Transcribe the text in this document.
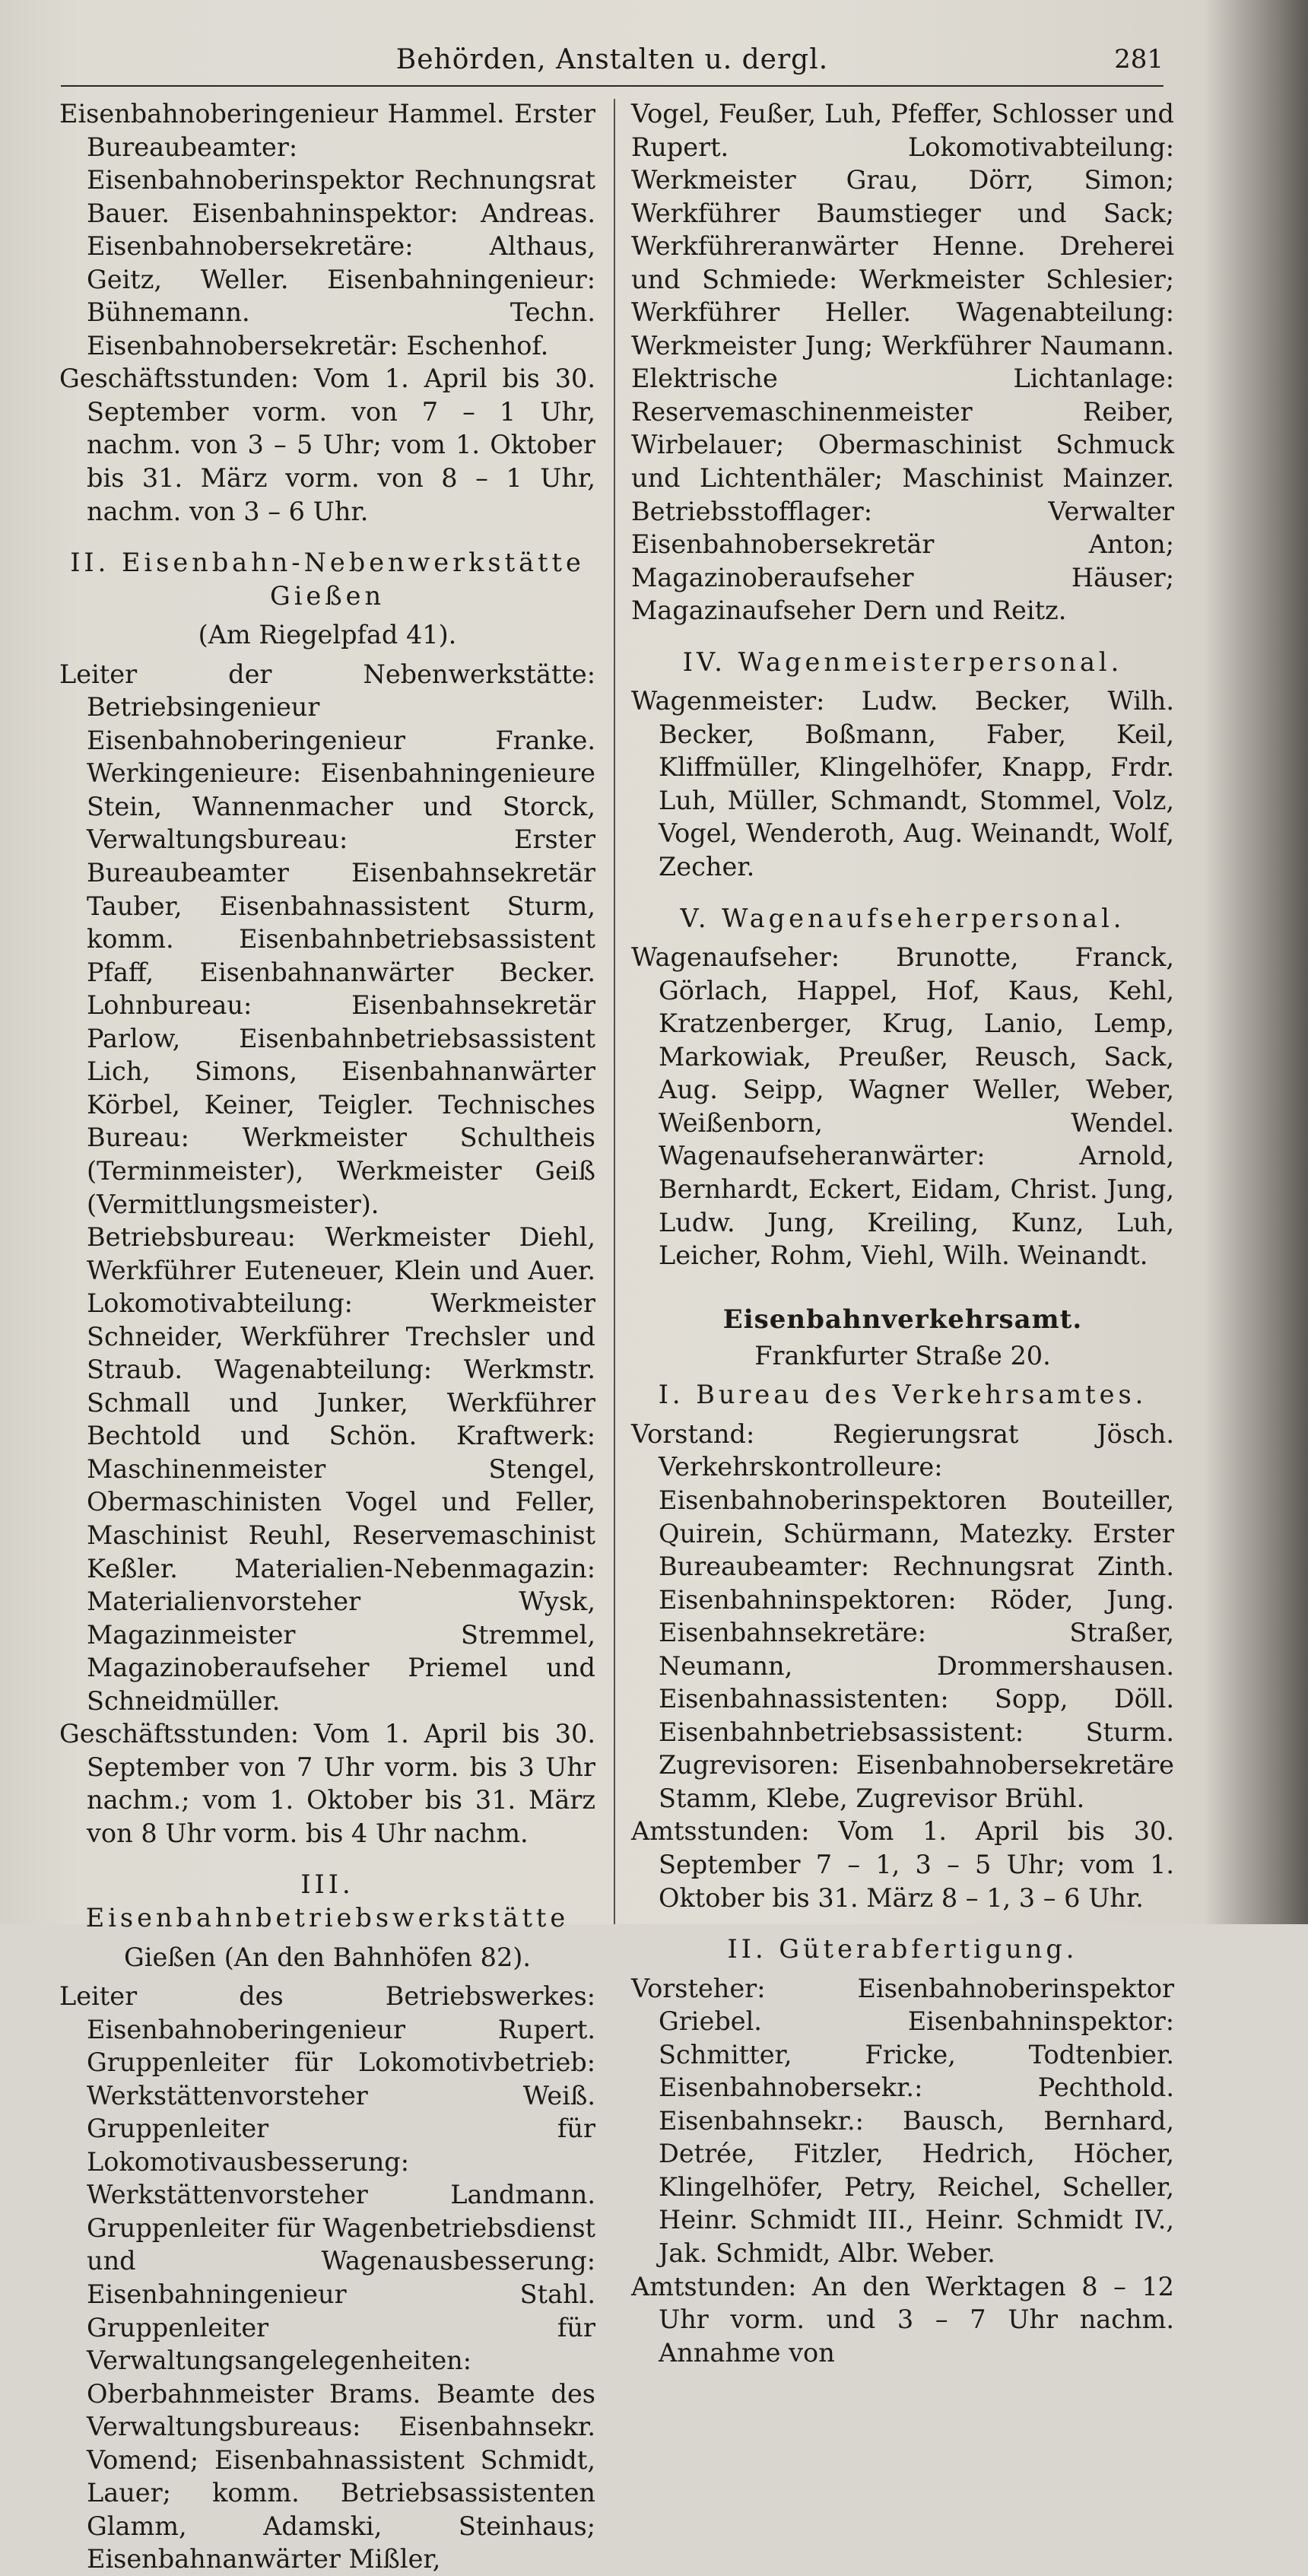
Behörden, Anstalten u. dergl.	281

Eisenbahnoberingenieur Hammel. Erster Bureaubeamter: Eisenbahnoberinspektor Rechnungsrat Bauer. Eisenbahninspektor: Andreas. Eisenbahnobersekretäre: Althaus, Geitz, Weller. Eisenbahningenieur: Bühnemann. Techn. Eisenbahnobersekretär: Eschenhof.

Geschäftsstunden: Vom 1. April bis 30. September vorm. von 7 – 1 Uhr, nachm. von 3 – 5 Uhr; vom 1. Oktober bis 31. März vorm. von 8 – 1 Uhr, nachm. von 3 – 6 Uhr.

II. Eisenbahn-Nebenwerkstätte Gießen
(Am Riegelpfad 41).

Leiter der Nebenwerkstätte: Betriebsingenieur Eisenbahnoberingenieur Franke. Werkingenieure: Eisenbahningenieure Stein, Wannenmacher und Storck, Verwaltungsbureau: Erster Bureaubeamter Eisenbahnsekretär Tauber, Eisenbahnassistent Sturm, komm. Eisenbahnbetriebsassistent Pfaff, Eisenbahnanwärter Becker. Lohnbureau: Eisenbahnsekretär Parlow, Eisenbahnbetriebsassistent Lich, Simons, Eisenbahnanwärter Körbel, Keiner, Teigler. Technisches Bureau: Werkmeister Schultheis (Terminmeister), Werkmeister Geiß (Vermittlungsmeister). Betriebsbureau: Werkmeister Diehl, Werkführer Euteneuer, Klein und Auer. Lokomotivabteilung: Werkmeister Schneider, Werkführer Trechsler und Straub. Wagenabteilung: Werkmstr. Schmall und Junker, Werkführer Bechtold und Schön. Kraftwerk: Maschinenmeister Stengel, Obermaschinisten Vogel und Feller, Maschinist Reuhl, Reservemaschinist Keßler. Materialien-Nebenmagazin: Materialienvorsteher Wysk, Magazinmeister Stremmel, Magazinoberaufseher Priemel und Schneidmüller.

Geschäftsstunden: Vom 1. April bis 30. September von 7 Uhr vorm. bis 3 Uhr nachm.; vom 1. Oktober bis 31. März von 8 Uhr vorm. bis 4 Uhr nachm.

III. Eisenbahnbetriebswerkstätte
Gießen (An den Bahnhöfen 82).

Leiter des Betriebswerkes: Eisenbahnoberingenieur Rupert. Gruppenleiter für Lokomotivbetrieb: Werkstättenvorsteher Weiß. Gruppenleiter für Lokomotivausbesserung: Werkstättenvorsteher Landmann. Gruppenleiter für Wagenbetriebsdienst und Wagenausbesserung: Eisenbahningenieur Stahl. Gruppenleiter für Verwaltungsangelegenheiten: Oberbahnmeister Brams. Beamte des Verwaltungsbureaus: Eisenbahnsekr. Vomend; Eisenbahnassistent Schmidt, Lauer; komm. Betriebsassistenten Glamm, Adamski, Steinhaus; Eisenbahnanwärter Mißler,

Vogel, Feußer, Luh, Pfeffer, Schlosser und Rupert. Lokomotivabteilung: Werkmeister Grau, Dörr, Simon; Werkführer Baumstieger und Sack; Werkführeranwärter Henne. Dreherei und Schmiede: Werkmeister Schlesier; Werkführer Heller. Wagenabteilung: Werkmeister Jung; Werkführer Naumann. Elektrische Lichtanlage: Reservemaschinenmeister Reiber, Wirbelauer; Obermaschinist Schmuck und Lichtenthäler; Maschinist Mainzer. Betriebsstofflager: Verwalter Eisenbahnobersekretär Anton; Magazinoberaufseher Häuser; Magazinaufseher Dern und Reitz.

IV. Wagenmeisterpersonal.

Wagenmeister: Ludw. Becker, Wilh. Becker, Boßmann, Faber, Keil, Kliffmüller, Klingelhöfer, Knapp, Frdr. Luh, Müller, Schmandt, Stommel, Volz, Vogel, Wenderoth, Aug. Weinandt, Wolf, Zecher.

V. Wagenaufseherpersonal.

Wagenaufseher: Brunotte, Franck, Görlach, Happel, Hof, Kaus, Kehl, Kratzenberger, Krug, Lanio, Lemp, Markowiak, Preußer, Reusch, Sack, Aug. Seipp, Wagner Weller, Weber, Weißenborn, Wendel. Wagenaufseheranwärter: Arnold, Bernhardt, Eckert, Eidam, Christ. Jung, Ludw. Jung, Kreiling, Kunz, Luh, Leicher, Rohm, Viehl, Wilh. Weinandt.

Eisenbahnverkehrsamt.
Frankfurter Straße 20.
I. Bureau des Verkehrsamtes.

Vorstand: Regierungsrat Jösch. Verkehrskontrolleure: Eisenbahnoberinspektoren Bouteiller, Quirein, Schürmann, Matezky. Erster Bureaubeamter: Rechnungsrat Zinth. Eisenbahninspektoren: Röder, Jung. Eisenbahnsekretäre: Straßer, Neumann, Drommershausen. Eisenbahnassistenten: Sopp, Döll. Eisenbahnbetriebsassistent: Sturm. Zugrevisoren: Eisenbahnobersekretäre Stamm, Klebe, Zugrevisor Brühl.

Amtsstunden: Vom 1. April bis 30. September 7 – 1, 3 – 5 Uhr; vom 1. Oktober bis 31. März 8 – 1, 3 – 6 Uhr.

II. Güterabfertigung.

Vorsteher: Eisenbahnoberinspektor Griebel. Eisenbahninspektor: Schmitter, Fricke, Todtenbier. Eisenbahnobersekr.: Pechthold. Eisenbahnsekr.: Bausch, Bernhard, Detrée, Fitzler, Hedrich, Höcher, Klingelhöfer, Petry, Reichel, Scheller, Heinr. Schmidt III., Heinr. Schmidt IV., Jak. Schmidt, Albr. Weber.

Amtstunden: An den Werktagen 8 – 12 Uhr vorm. und 3 – 7 Uhr nachm. Annahme von
